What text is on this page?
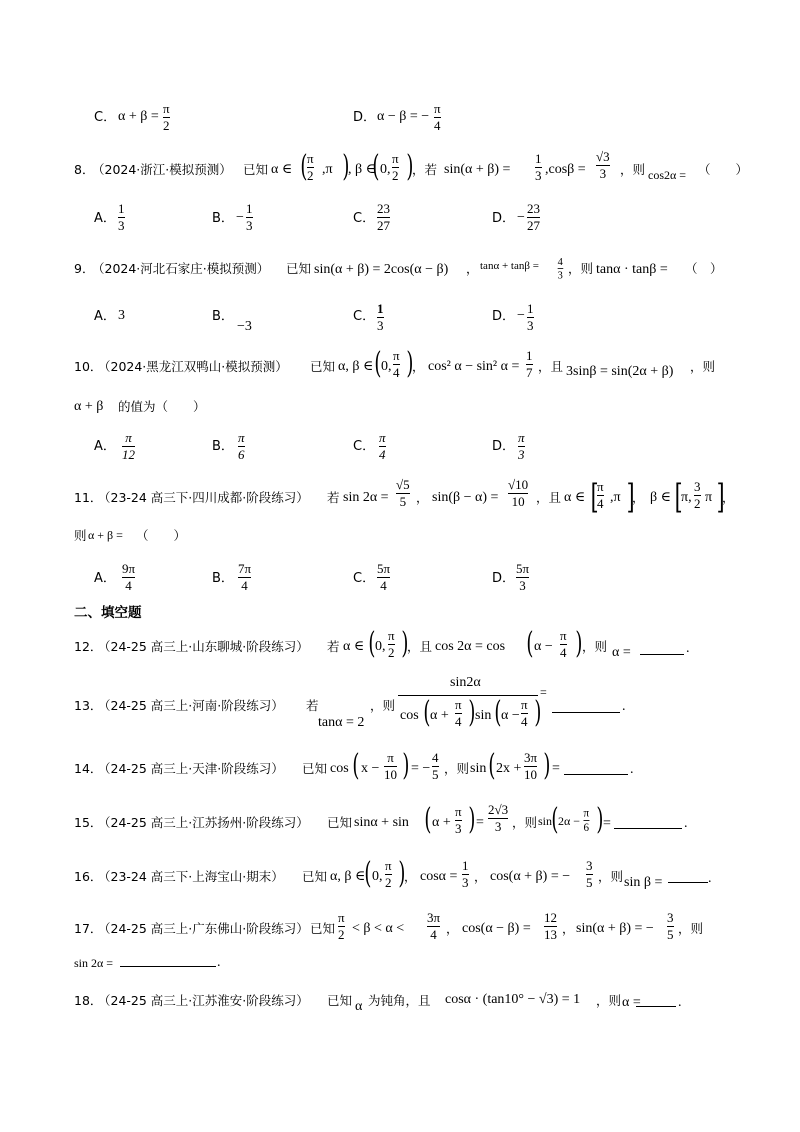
C． α + β =
π
2
D． α − β = −
π
4
8．
（2024·浙江·模拟预测） 已知 α ∈ ( π
2 ,π )
, β ∈
( 0,
π
2 )
，若 sin(α + β) =
1
3 ,cosβ =
√3
3 ，则 cos2α = （　　）
A．
1
3	B． −
1
3	C．
23
27	D． −
23
27
9．
（2024·河北石家庄·模拟预测） 已知 sin(α + β) = 2cos(α − β) ， tanα + tanβ = 4
3 ，则 tanα · tanβ = （　）
A． 3	B．
−3
C．
1
3
D． − 1
3
10．
（2024·黑龙江双鸭山·模拟预测） 已知 α, β ∈ ( 0,
π
4 )
， cos² α − sin² α =
1
7 ，且 3sinβ = sin(2α + β) ，则
α + β 的值为（　　）
A．
π
12
B．
π
6
C．
π
4
D．
π
3
11．
（23-24 高三下·四川成都·阶段练习） 若 sin 2α =
√5
5 ， sin(β − α) =
√10
10 ，且 α ∈ [
π
4 ,π ]
， β ∈ [
π,
3
2 π ]
，
则 α + β = （　　）
A．
9π
4	B．
7π
4	C．
5π
4	D．
5π
3
二、填空题
12．
（24-25 高三上·山东聊城·阶段练习） 若 α ∈ ( 0,
π
2 )
，且 cos 2α = cos ( α −
π
4 ) ，则 α =	.
13．
（24-25 高三上·河南·阶段练习） 若
tanα = 2
，则
sin2α
cos ( α +
π
4 ) sin ( α −
π
4 )
=
.
14．
（24-25 高三上·天津·阶段练习） 已知 cos ( x −
π
10 ) = −
4
5 ，则 sin ( 2x +
3π
10 ) =	.
15．
（24-25 高三上·江苏扬州·阶段练习） 已知 sinα + sin ( α +
π
3 ) =
2√3
3 ，则 sin ( 2α −
π
6 ) =	.
16．
（23-24 高三下·上海宝山·期末） 已知 α, β ∈ ( 0,
π
2 )
， cosα =
1
3 ， cos(α + β) = −
3
5 ，则 sin β =	.
17．
（24-25 高三上·广东佛山·阶段练习） 已知
π
2 < β < α <
3π
4 ， cos(α − β) =
12
13 ， sin(α + β) = −
3
5 ，则
sin 2α =	.
18．
（24-25 高三上·江苏淮安·阶段练习） 已知 α 为钝角，且 cosα · (tan10° − √3) = 1 ，则 α =	.
